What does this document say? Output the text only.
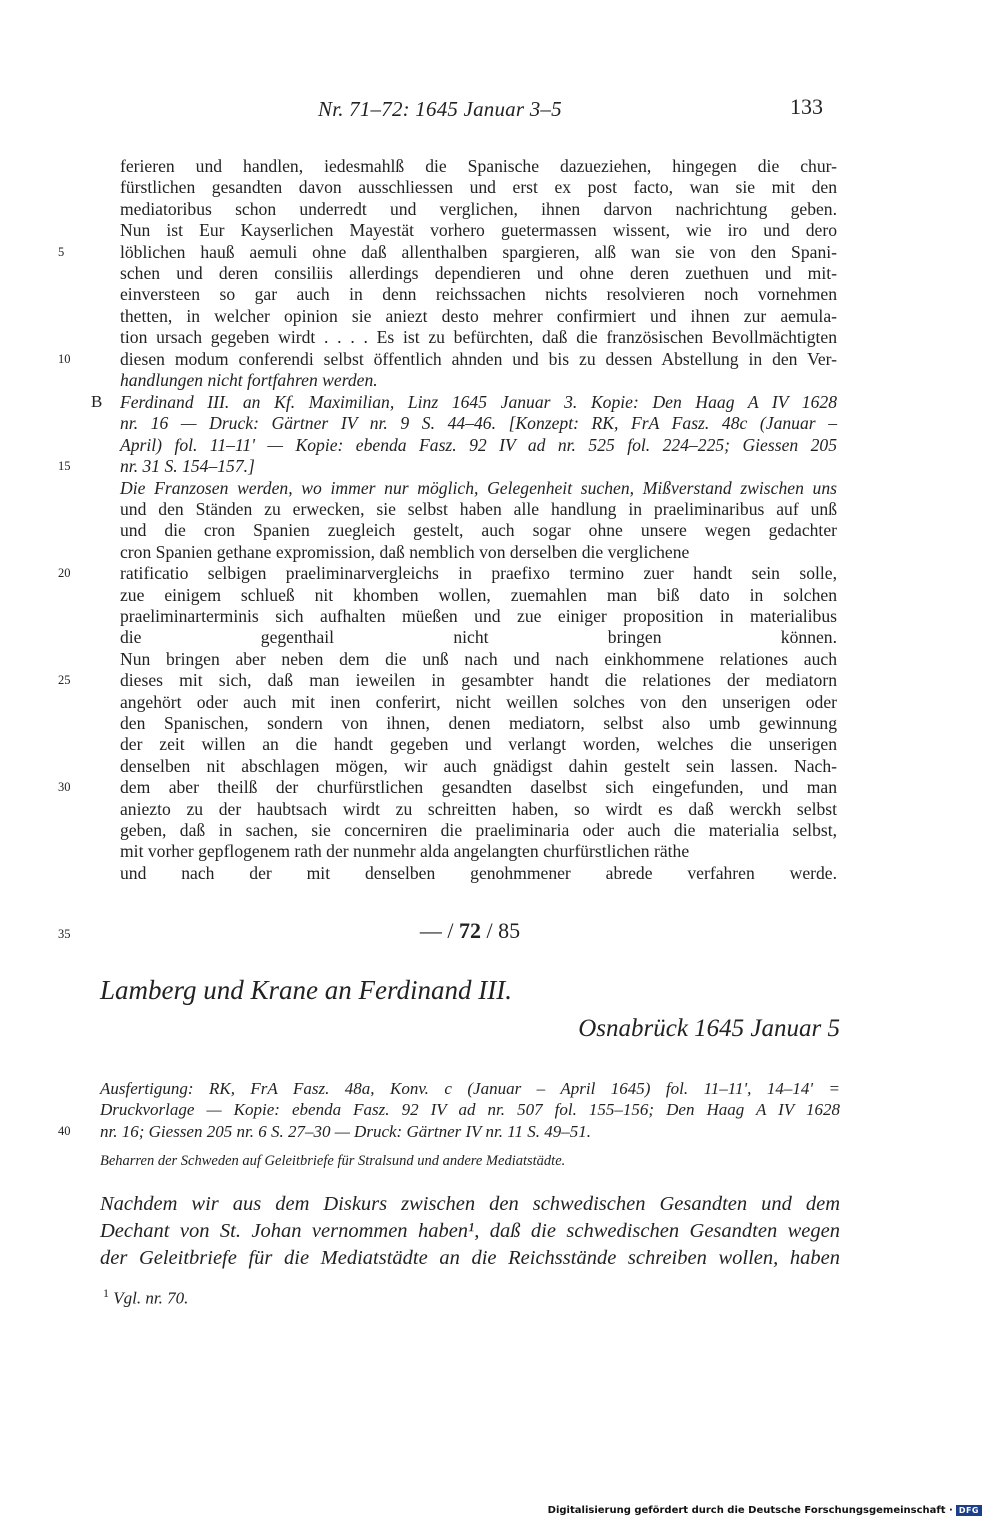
Nr. 71–72: 1645 Januar 3–5	133
ferieren und handlen, iedesmahlß die Spanische dazueziehen, hingegen die chur-
fürstlichen gesandten davon ausschliessen und erst ex post facto, wan sie mit den
mediatoribus schon underredt und verglichen, ihnen darvon nachrichtung geben.
Nun ist Eur Kayserlichen Mayestät vorhero guetermassen wissent, wie iro und dero
5	löblichen hauß aemuli ohne daß allenthalben spargieren, alß wan sie von den Spani-
schen und deren consiliis allerdings dependieren und ohne deren zuethuen und mit-
einversteen so gar auch in denn reichssachen nichts resolvieren noch vornehmen
thetten, in welcher opinion sie aniezt desto mehrer confirmiert und ihnen zur aemula-
tion ursach gegeben wirdt . . . . Es ist zu befürchten, daß die französischen Bevollmächtigten
10	diesen modum conferendi selbst öffentlich ahnden und bis zu dessen Abstellung in den Ver-
handlungen nicht fortfahren werden.
B Ferdinand III. an Kf. Maximilian, Linz 1645 Januar 3. Kopie: Den Haag A IV 1628
nr. 16 — Druck: Gärtner IV nr. 9 S. 44–46. [Konzept: RK, FrA Fasz. 48c (Januar –
April) fol. 11–11' — Kopie: ebenda Fasz. 92 IV ad nr. 525 fol. 224–225; Giessen 205
15	nr. 31 S. 154–157.]
Die Franzosen werden, wo immer nur möglich, Gelegenheit suchen, Mißverstand zwischen uns
und den Ständen zu erwecken, sie selbst haben alle handlung in praeliminaribus auf unß
und die cron Spanien zuegleich gestelt, auch sogar ohne unsere wegen gedachter
cron Spanien gethane expromission, daß nemblich von derselben die verglichene
20	ratificatio selbigen praeliminarvergleichs in praefixo termino zuer handt sein solle,
zue einigem schlueß nit khomben wollen, zuemahlen man biß dato in solchen
praeliminarterminis sich aufhalten müeßen und zue einiger proposition in materialibus
die gegenthail nicht bringen können.
Nun bringen aber neben dem die unß nach und nach einkhommene relationes auch
25	dieses mit sich, daß man ieweilen in gesambter handt die relationes der mediatorn
angehört oder auch mit inen conferirt, nicht weillen solches von den unserigen oder
den Spanischen, sondern von ihnen, denen mediatorn, selbst also umb gewinnung
der zeit willen an die handt gegeben und verlangt worden, welches die unserigen
denselben nit abschlagen mögen, wir auch gnädigst dahin gestelt sein lassen. Nach-
30	dem aber theilß der churfürstlichen gesandten daselbst sich eingefunden, und man
aniezto zu der haubtsach wirdt zu schreitten haben, so wirdt es daß werckh selbst
geben, daß in sachen, sie concerniren die praeliminaria oder auch die materialia selbst,
mit vorher gepflogenem rath der nunmehr alda angelangten churfürstlichen räthe
und nach der mit denselben genohmmener abrede verfahren werde.
35	— / 72 / 85
Lamberg und Krane an Ferdinand III.
Osnabrück 1645 Januar 5
Ausfertigung: RK, FrA Fasz. 48a, Konv. c (Januar – April 1645) fol. 11–11', 14–14' =
Druckvorlage — Kopie: ebenda Fasz. 92 IV ad nr. 507 fol. 155–156; Den Haag A IV 1628
40	nr. 16; Giessen 205 nr. 6 S. 27–30 — Druck: Gärtner IV nr. 11 S. 49–51.
Beharren der Schweden auf Geleitbriefe für Stralsund und andere Mediatstädte.
Nachdem wir aus dem Diskurs zwischen den schwedischen Gesandten und dem
Dechant von St. Johan vernommen haben¹, daß die schwedischen Gesandten wegen
der Geleitbriefe für die Mediatstädte an die Reichsstände schreiben wollen, haben
$^1$ Vgl. nr. 70.
Digitalisierung gefördert durch die Deutsche Forschungsgemeinschaft · DFG
